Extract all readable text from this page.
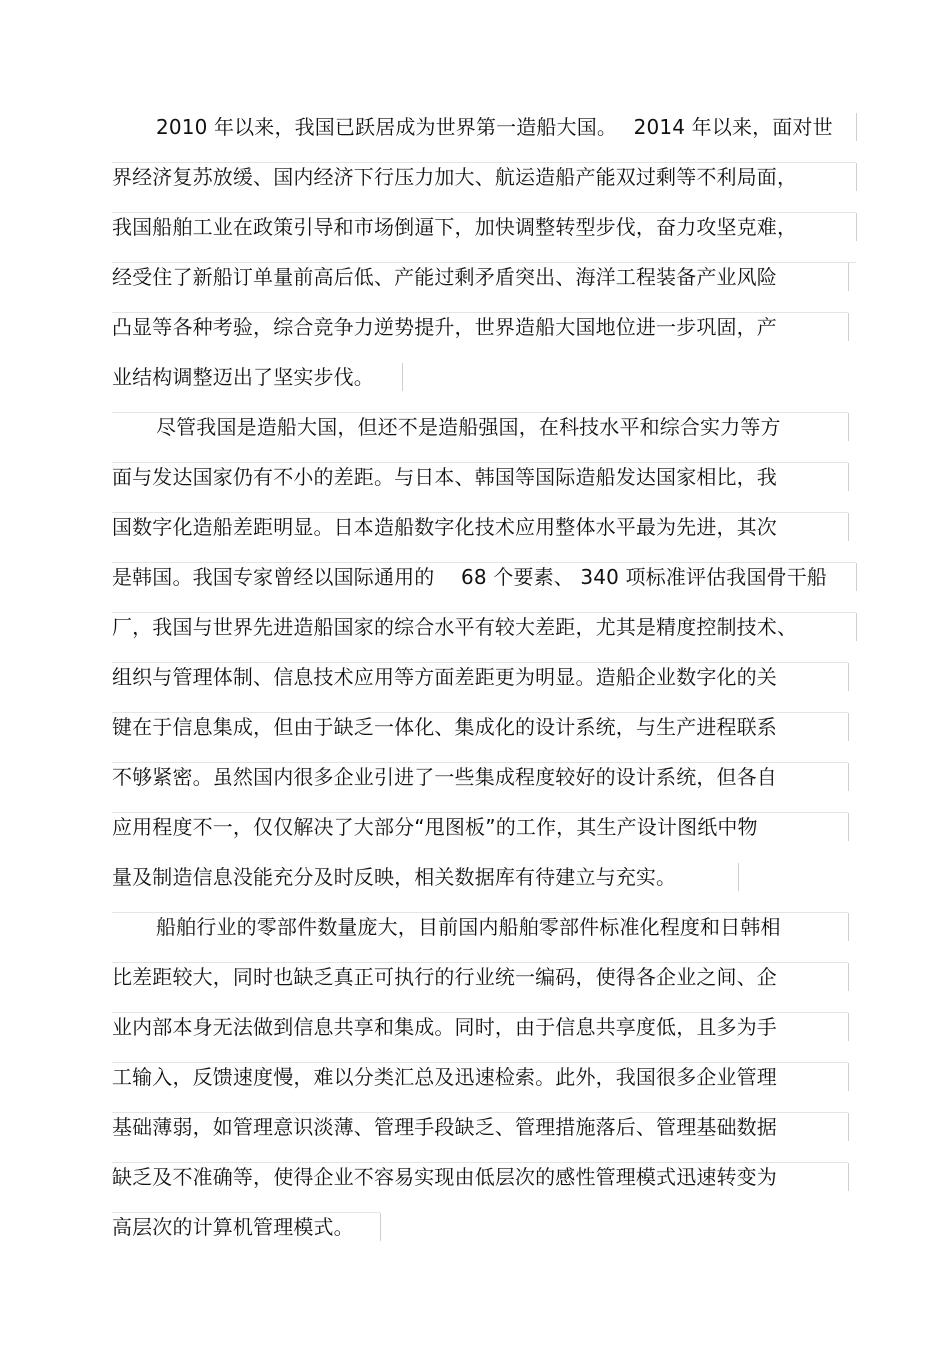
2010 年以来，我国已跃居成为世界第一造船大国。　 2014 年以来，面对世
界经济复苏放缓、国内经济下行压力加大、航运造船产能双过剩等不利局面，
我国船舶工业在政策引导和市场倒逼下，加快调整转型步伐，奋力攻坚克难，
经受住了新船订单量前高后低、产能过剩矛盾突出、海洋工程装备产业风险
凸显等各种考验，综合竞争力逆势提升，世界造船大国地位进一步巩固，产
业结构调整迈出了坚实步伐。
尽管我国是造船大国，但还不是造船强国，在科技水平和综合实力等方
面与发达国家仍有不小的差距。与日本、韩国等国际造船发达国家相比，我
国数字化造船差距明显。日本造船数字化技术应用整体水平最为先进，其次
是韩国。我国专家曾经以国际通用的　 68 个要素、 340 项标准评估我国骨干船
厂，我国与世界先进造船国家的综合水平有较大差距，尤其是精度控制技术、
组织与管理体制、信息技术应用等方面差距更为明显。造船企业数字化的关
键在于信息集成，但由于缺乏一体化、集成化的设计系统，与生产进程联系
不够紧密。虽然国内很多企业引进了一些集成程度较好的设计系统，但各自
应用程度不一，仅仅解决了大部分“甩图板”的工作，其生产设计图纸中物
量及制造信息没能充分及时反映，相关数据库有待建立与充实。
船舶行业的零部件数量庞大，目前国内船舶零部件标准化程度和日韩相
比差距较大，同时也缺乏真正可执行的行业统一编码，使得各企业之间、企
业内部本身无法做到信息共享和集成。同时，由于信息共享度低，且多为手
工输入，反馈速度慢，难以分类汇总及迅速检索。此外，我国很多企业管理
基础薄弱，如管理意识淡薄、管理手段缺乏、管理措施落后、管理基础数据
缺乏及不准确等，使得企业不容易实现由低层次的感性管理模式迅速转变为
高层次的计算机管理模式。
